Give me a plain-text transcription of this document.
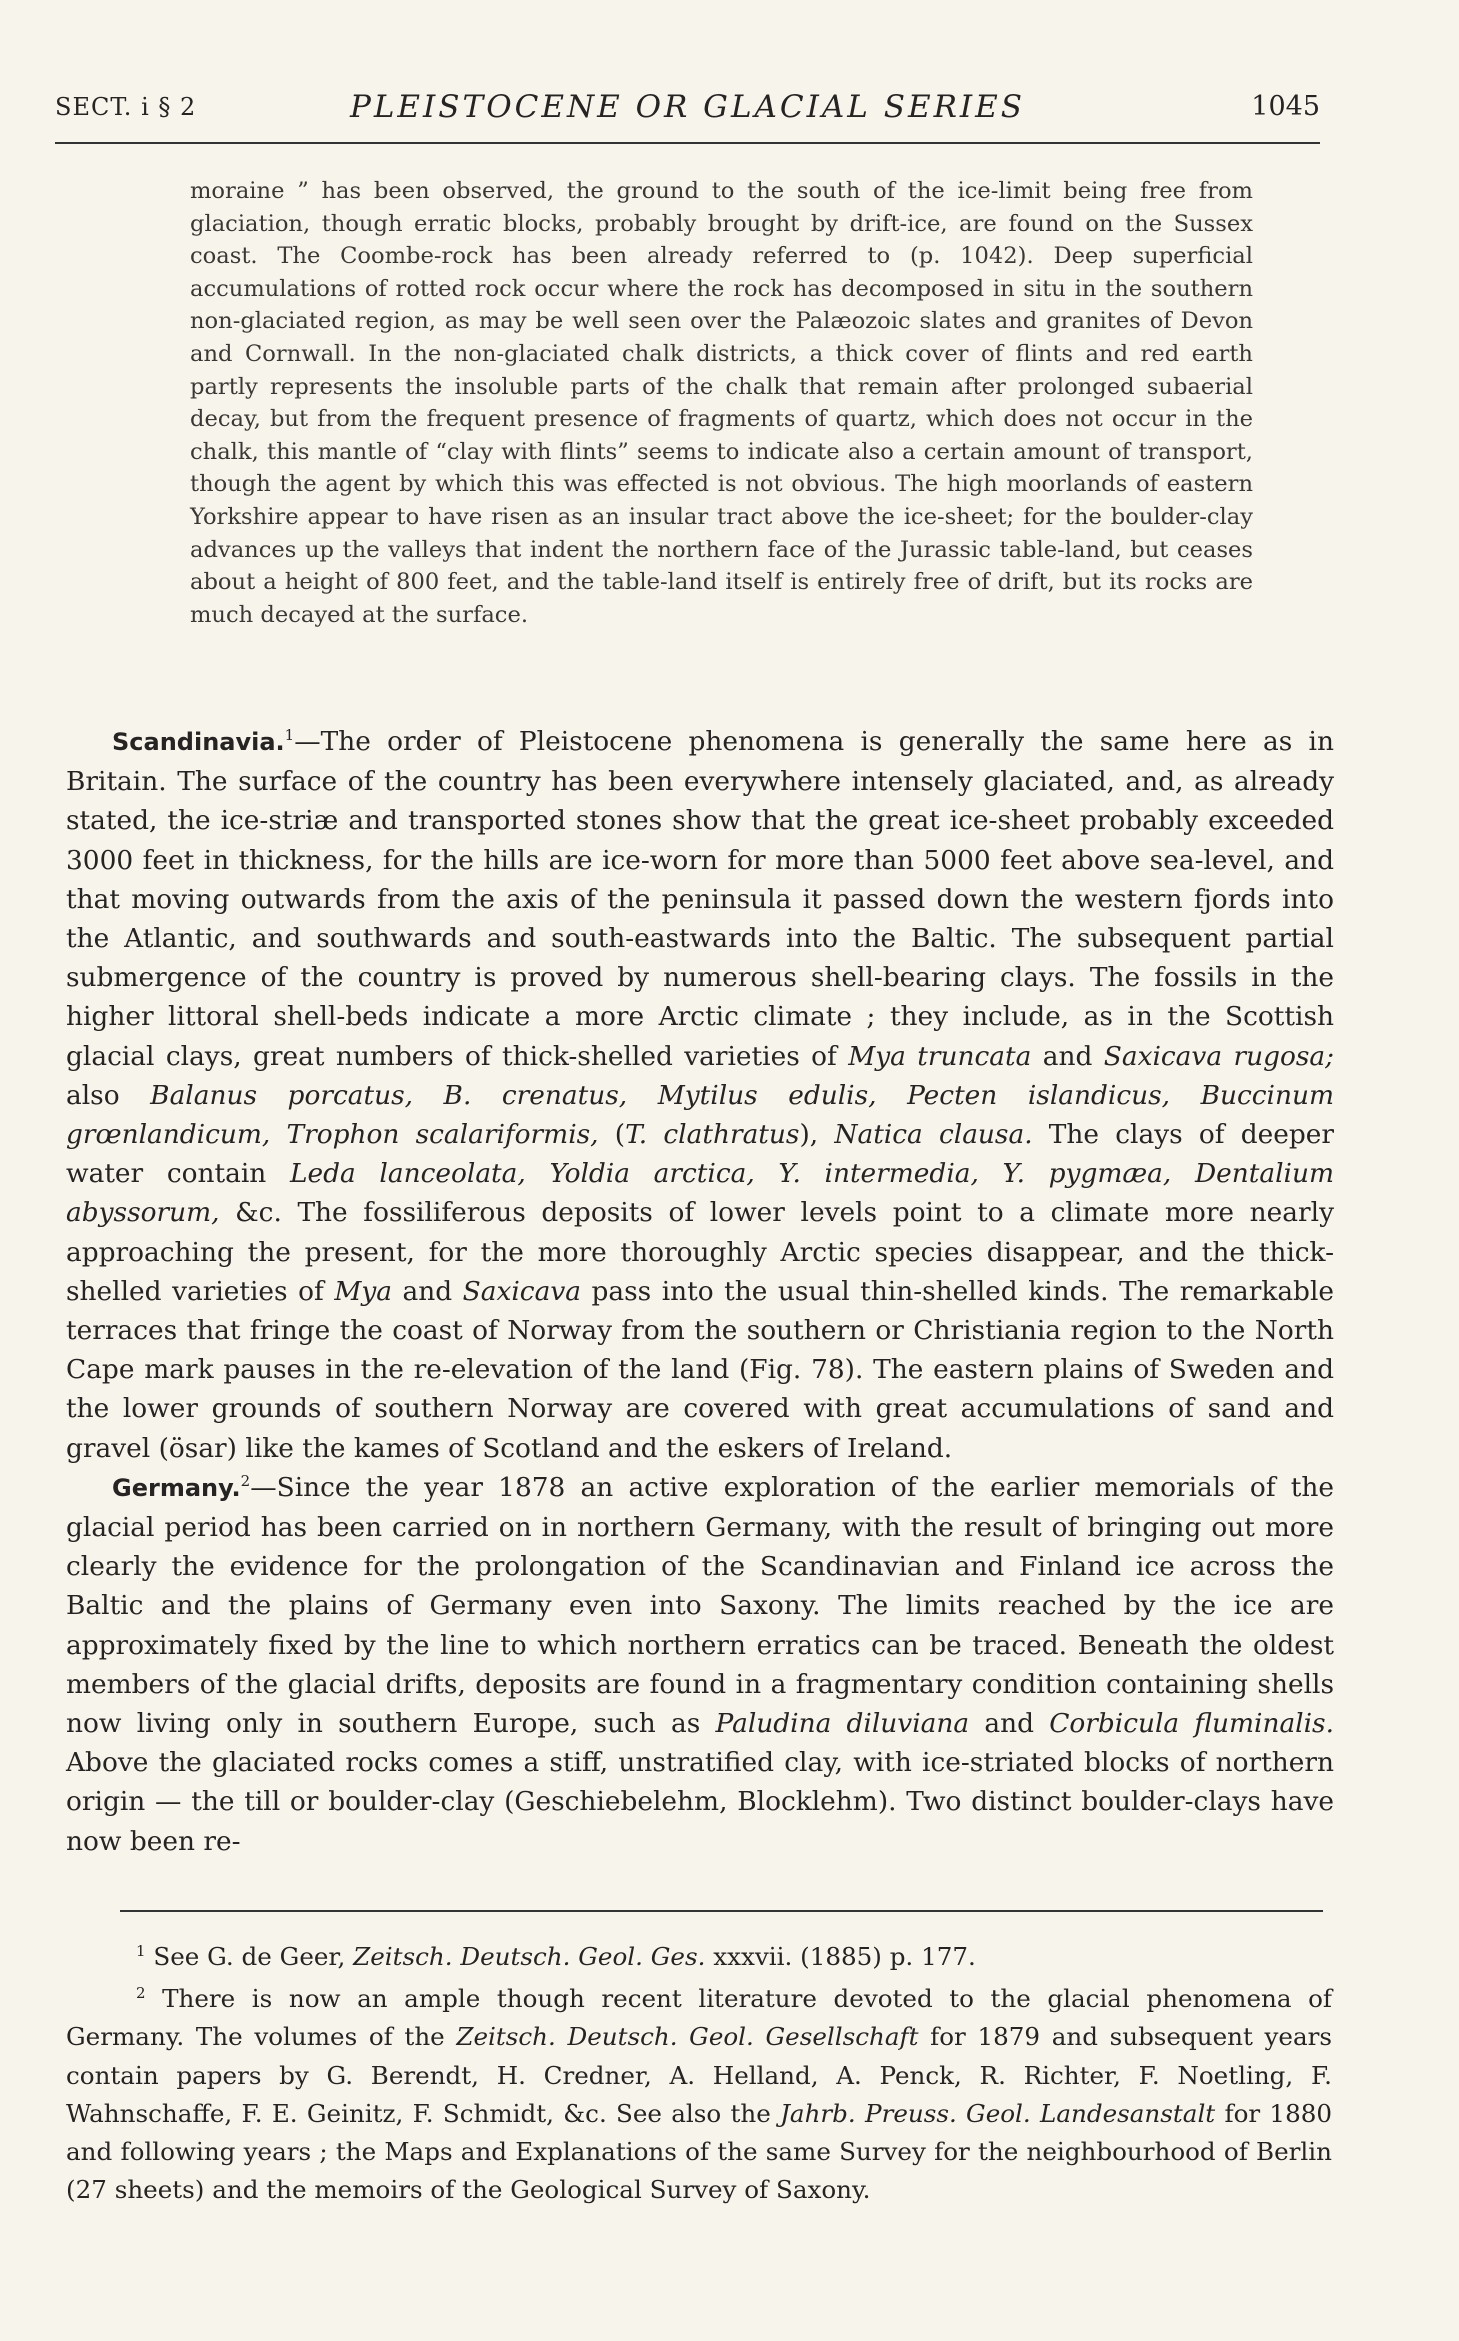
SECT. i § 2	PLEISTOCENE OR GLACIAL SERIES	1045
moraine ” has been observed, the ground to the south of the ice-limit being free from glaciation, though erratic blocks, probably brought by drift-ice, are found on the Sussex coast. The Coombe-rock has been already referred to (p. 1042). Deep superficial accumulations of rotted rock occur where the rock has decomposed in situ in the southern non-glaciated region, as may be well seen over the Palæozoic slates and granites of Devon and Cornwall. In the non-glaciated chalk districts, a thick cover of flints and red earth partly represents the insoluble parts of the chalk that remain after prolonged subaerial decay, but from the frequent presence of fragments of quartz, which does not occur in the chalk, this mantle of “clay with flints” seems to indicate also a certain amount of transport, though the agent by which this was effected is not obvious. The high moorlands of eastern Yorkshire appear to have risen as an insular tract above the ice-sheet; for the boulder-clay advances up the valleys that indent the northern face of the Jurassic table-land, but ceases about a height of 800 feet, and the table-land itself is entirely free of drift, but its rocks are much decayed at the surface.

Scandinavia.$^1$—The order of Pleistocene phenomena is generally the same here as in Britain. The surface of the country has been everywhere intensely glaciated, and, as already stated, the ice-striæ and transported stones show that the great ice-sheet probably exceeded 3000 feet in thickness, for the hills are ice-worn for more than 5000 feet above sea-level, and that moving outwards from the axis of the peninsula it passed down the western fjords into the Atlantic, and southwards and south-eastwards into the Baltic. The subsequent partial submergence of the country is proved by numerous shell-bearing clays. The fossils in the higher littoral shell-beds indicate a more Arctic climate ; they include, as in the Scottish glacial clays, great numbers of thick-shelled varieties of Mya truncata and Saxicava rugosa; also Balanus porcatus, B. crenatus, Mytilus edulis, Pecten islandicus, Buccinum grœnlandicum, Trophon scalariformis, (T. clathratus), Natica clausa. The clays of deeper water contain Leda lanceolata, Yoldia arctica, Y. intermedia, Y. pygmæa, Dentalium abyssorum, &c. The fossiliferous deposits of lower levels point to a climate more nearly approaching the present, for the more thoroughly Arctic species disappear, and the thick-shelled varieties of Mya and Saxicava pass into the usual thin-shelled kinds. The remarkable terraces that fringe the coast of Norway from the southern or Christiania region to the North Cape mark pauses in the re-elevation of the land (Fig. 78). The eastern plains of Sweden and the lower grounds of southern Norway are covered with great accumulations of sand and gravel (ösar) like the kames of Scotland and the eskers of Ireland.

Germany.$^2$—Since the year 1878 an active exploration of the earlier memorials of the glacial period has been carried on in northern Germany, with the result of bringing out more clearly the evidence for the prolongation of the Scandinavian and Finland ice across the Baltic and the plains of Germany even into Saxony. The limits reached by the ice are approximately fixed by the line to which northern erratics can be traced. Beneath the oldest members of the glacial drifts, deposits are found in a fragmentary condition containing shells now living only in southern Europe, such as Paludina diluviana and Corbicula fluminalis. Above the glaciated rocks comes a stiff, unstratified clay, with ice-striated blocks of northern origin — the till or boulder-clay (Geschiebelehm, Blocklehm). Two distinct boulder-clays have now been re-

$^1$ See G. de Geer, Zeitsch. Deutsch. Geol. Ges. xxxvii. (1885) p. 177.

$^2$ There is now an ample though recent literature devoted to the glacial phenomena of Germany. The volumes of the Zeitsch. Deutsch. Geol. Gesellschaft for 1879 and subsequent years contain papers by G. Berendt, H. Credner, A. Helland, A. Penck, R. Richter, F. Noetling, F. Wahnschaffe, F. E. Geinitz, F. Schmidt, &c. See also the Jahrb. Preuss. Geol. Landesanstalt for 1880 and following years ; the Maps and Explanations of the same Survey for the neighbourhood of Berlin (27 sheets) and the memoirs of the Geological Survey of Saxony.
